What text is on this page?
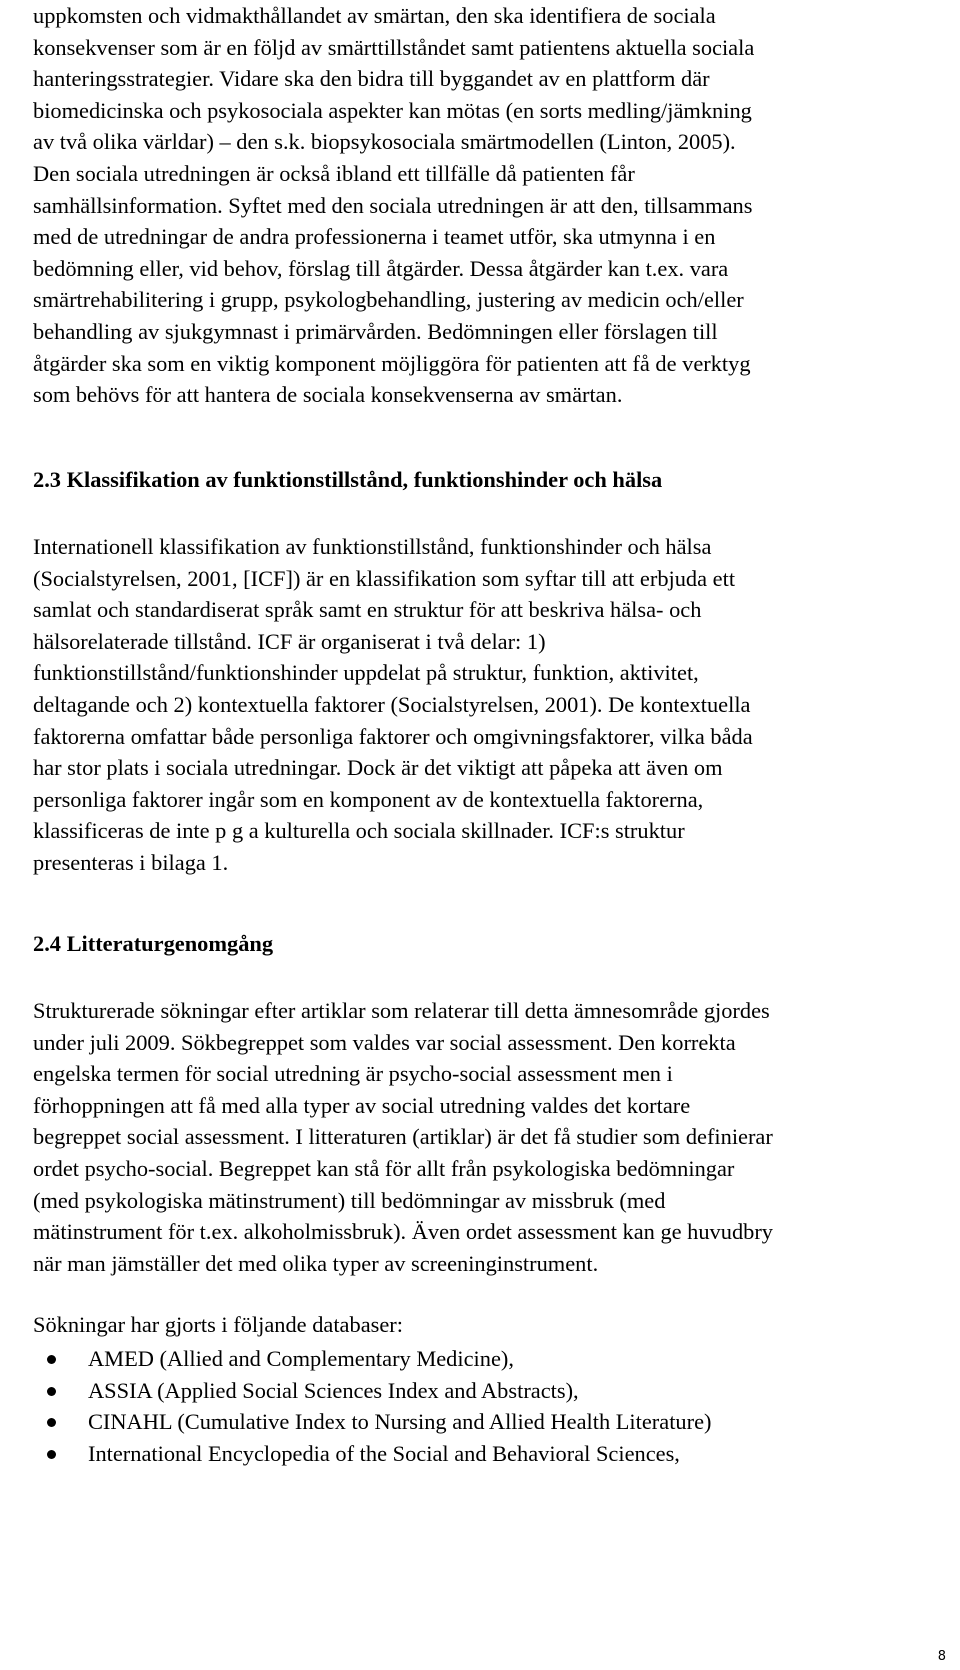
uppkomsten och vidmakthållandet av smärtan, den ska identifiera de sociala
konsekvenser som är en följd av smärttillståndet samt patientens aktuella sociala
hanteringsstrategier. Vidare ska den bidra till byggandet av en plattform där
biomedicinska och psykosociala aspekter kan mötas (en sorts medling/jämkning
av två olika världar) – den s.k. biopsykosociala smärtmodellen (Linton, 2005).
Den sociala utredningen är också ibland ett tillfälle då patienten får
samhällsinformation. Syftet med den sociala utredningen är att den, tillsammans
med de utredningar de andra professionerna i teamet utför, ska utmynna i en
bedömning eller, vid behov, förslag till åtgärder. Dessa åtgärder kan t.ex. vara
smärtrehabilitering i grupp, psykologbehandling, justering av medicin och/eller
behandling av sjukgymnast i primärvården. Bedömningen eller förslagen till
åtgärder ska som en viktig komponent möjliggöra för patienten att få de verktyg
som behövs för att hantera de sociala konsekvenserna av smärtan.
2.3 Klassifikation av funktionstillstånd, funktionshinder och hälsa
Internationell klassifikation av funktionstillstånd, funktionshinder och hälsa
(Socialstyrelsen, 2001, [ICF]) är en klassifikation som syftar till att erbjuda ett
samlat och standardiserat språk samt en struktur för att beskriva hälsa- och
hälsorelaterade tillstånd. ICF är organiserat i två delar: 1)
funktionstillstånd/funktionshinder uppdelat på struktur, funktion, aktivitet,
deltagande och 2) kontextuella faktorer (Socialstyrelsen, 2001). De kontextuella
faktorerna omfattar både personliga faktorer och omgivningsfaktorer, vilka båda
har stor plats i sociala utredningar. Dock är det viktigt att påpeka att även om
personliga faktorer ingår som en komponent av de kontextuella faktorerna,
klassificeras de inte p g a kulturella och sociala skillnader. ICF:s struktur
presenteras i bilaga 1.
2.4 Litteraturgenomgång
Strukturerade sökningar efter artiklar som relaterar till detta ämnesområde gjordes
under juli 2009. Sökbegreppet som valdes var social assessment. Den korrekta
engelska termen för social utredning är psycho-social assessment men i
förhoppningen att få med alla typer av social utredning valdes det kortare
begreppet social assessment. I litteraturen (artiklar) är det få studier som definierar
ordet psycho-social. Begreppet kan stå för allt från psykologiska bedömningar
(med psykologiska mätinstrument) till bedömningar av missbruk (med
mätinstrument för t.ex. alkoholmissbruk). Även ordet assessment kan ge huvudbry
när man jämställer det med olika typer av screeninginstrument.
Sökningar har gjorts i följande databaser:
AMED (Allied and Complementary Medicine),
ASSIA (Applied Social Sciences Index and Abstracts),
CINAHL (Cumulative Index to Nursing and Allied Health Literature)
International Encyclopedia of the Social and Behavioral Sciences,
8
